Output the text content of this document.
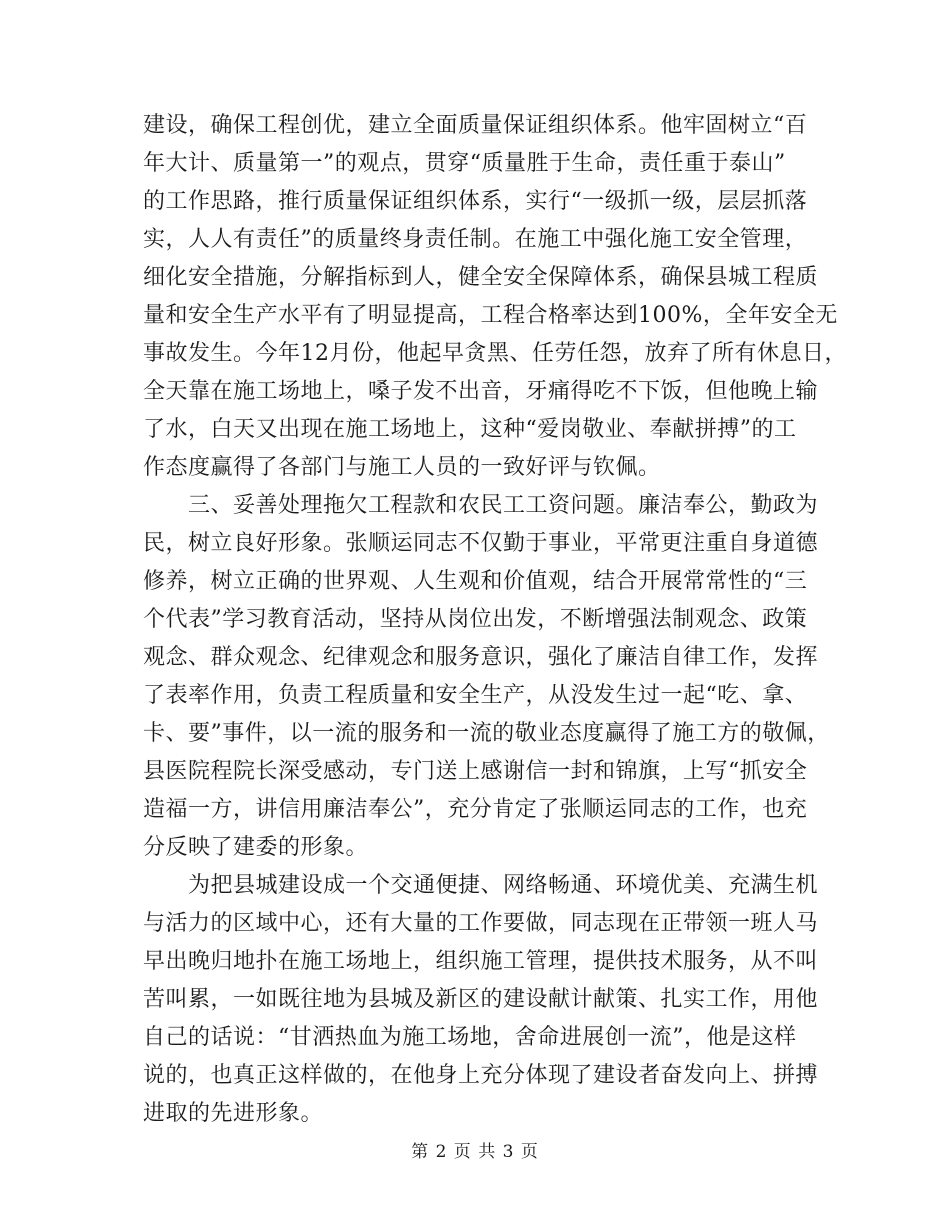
建设，确保工程创优，建立全面质量保证组织体系。他牢固树立“百
年大计、质量第一”的观点，贯穿“质量胜于生命，责任重于泰山”
的工作思路，推行质量保证组织体系，实行“一级抓一级，层层抓落
实，人人有责任”的质量终身责任制。在施工中强化施工安全管理，
细化安全措施，分解指标到人，健全安全保障体系，确保县城工程质
量和安全生产水平有了明显提高，工程合格率达到100%，全年安全无
事故发生。今年12月份，他起早贪黑、任劳任怨，放弃了所有休息日，
全天靠在施工场地上，嗓子发不出音，牙痛得吃不下饭，但他晚上输
了水，白天又出现在施工场地上，这种“爱岗敬业、奉献拼搏”的工
作态度赢得了各部门与施工人员的一致好评与钦佩。
　　三、妥善处理拖欠工程款和农民工工资问题。廉洁奉公，勤政为
民，树立良好形象。张顺运同志不仅勤于事业，平常更注重自身道德
修养，树立正确的世界观、人生观和价值观，结合开展常常性的“三
个代表”学习教育活动，坚持从岗位出发，不断增强法制观念、政策
观念、群众观念、纪律观念和服务意识，强化了廉洁自律工作，发挥
了表率作用，负责工程质量和安全生产，从没发生过一起“吃、拿、
卡、要”事件，以一流的服务和一流的敬业态度赢得了施工方的敬佩，
县医院程院长深受感动，专门送上感谢信一封和锦旗，上写“抓安全
造福一方，讲信用廉洁奉公”，充分肯定了张顺运同志的工作，也充
分反映了建委的形象。
　　为把县城建设成一个交通便捷、网络畅通、环境优美、充满生机
与活力的区域中心，还有大量的工作要做，同志现在正带领一班人马
早出晚归地扑在施工场地上，组织施工管理，提供技术服务，从不叫
苦叫累，一如既往地为县城及新区的建设献计献策、扎实工作，用他
自己的话说：“甘洒热血为施工场地，舍命进展创一流”，他是这样
说的，也真正这样做的，在他身上充分体现了建设者奋发向上、拼搏
进取的先进形象。
第 2 页 共 3 页
